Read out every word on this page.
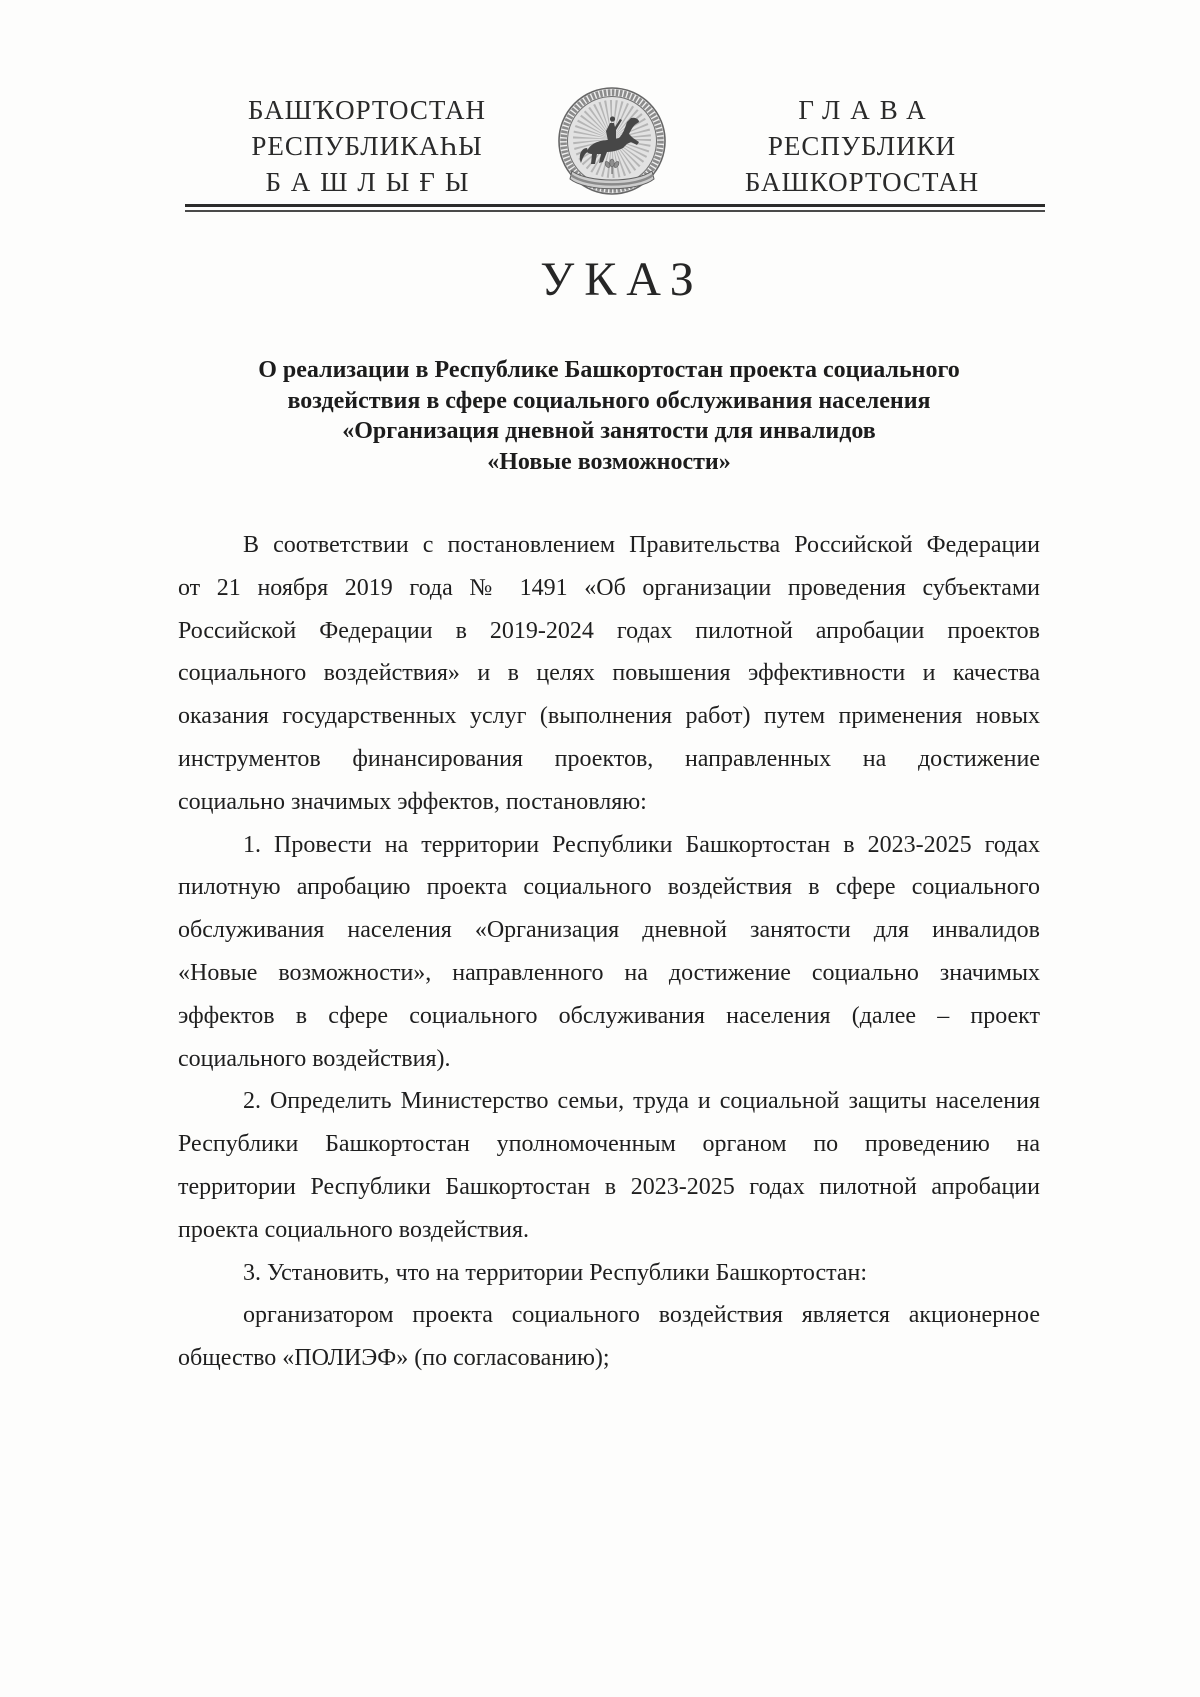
БАШҠОРТОСТАН
РЕСПУБЛИКАҺЫ
БАШЛЫҒЫ
ГЛАВА
РЕСПУБЛИКИ
БАШКОРТОСТАН
УКАЗ
О реализации в Республике Башкортостан проекта социального
воздействия в сфере социального обслуживания населения
«Организация дневной занятости для инвалидов
«Новые возможности»
В соответствии с постановлением Правительства Российской Федерации
от 21 ноября 2019 года № 1491 «Об организации проведения субъектами
Российской Федерации в 2019-2024 годах пилотной апробации проектов
социального воздействия» и в целях повышения эффективности и качества
оказания государственных услуг (выполнения работ) путем применения новых
инструментов финансирования проектов, направленных на достижение
социально значимых эффектов, постановляю:
1. Провести на территории Республики Башкортостан в 2023-2025 годах
пилотную апробацию проекта социального воздействия в сфере социального
обслуживания населения «Организация дневной занятости для инвалидов
«Новые возможности», направленного на достижение социально значимых
эффектов в сфере социального обслуживания населения (далее – проект
социального воздействия).
2. Определить Министерство семьи, труда и социальной защиты населения
Республики Башкортостан уполномоченным органом по проведению на
территории Республики Башкортостан в 2023-2025 годах пилотной апробации
проекта социального воздействия.
3. Установить, что на территории Республики Башкортостан:
организатором проекта социального воздействия является акционерное
общество «ПОЛИЭФ» (по согласованию);
